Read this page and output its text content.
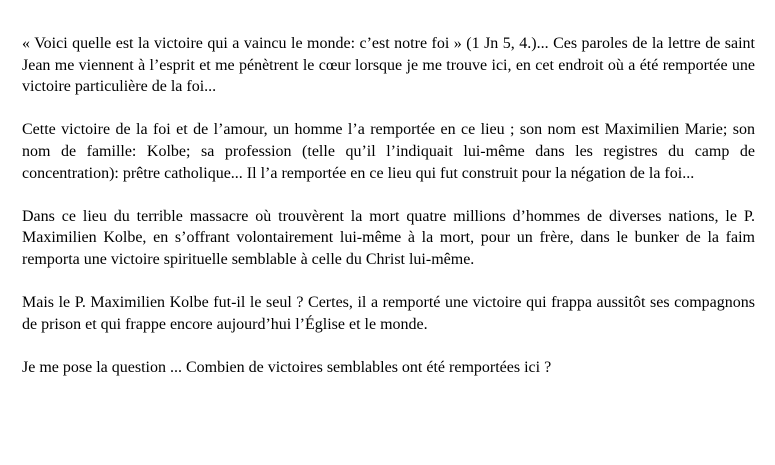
« Voici quelle est la victoire qui a vaincu le monde: c’est notre foi » (1 Jn 5, 4.)... Ces paroles de la lettre de saint Jean me viennent à l’esprit et me pénètrent le cœur lorsque je me trouve ici, en cet endroit où a été remportée une victoire particulière de la foi...

Cette victoire de la foi et de l’amour, un homme l’a remportée en ce lieu ; son nom est Maximilien Marie; son nom de famille: Kolbe; sa profession (telle qu’il l’indiquait lui-même dans les registres du camp de concentration): prêtre catholique... Il l’a remportée en ce lieu qui fut construit pour la négation de la foi...

Dans ce lieu du terrible massacre où trouvèrent la mort quatre millions d’hommes de diverses nations, le P. Maximilien Kolbe, en s’offrant volontairement lui-même à la mort, pour un frère, dans le bunker de la faim remporta une victoire spirituelle semblable à celle du Christ lui-même.

Mais le P. Maximilien Kolbe fut-il le seul ? Certes, il a remporté une victoire qui frappa aussitôt ses compagnons de prison et qui frappe encore aujourd’hui l’Église et le monde.

Je me pose la question ... Combien de victoires semblables ont été remportées ici ?
